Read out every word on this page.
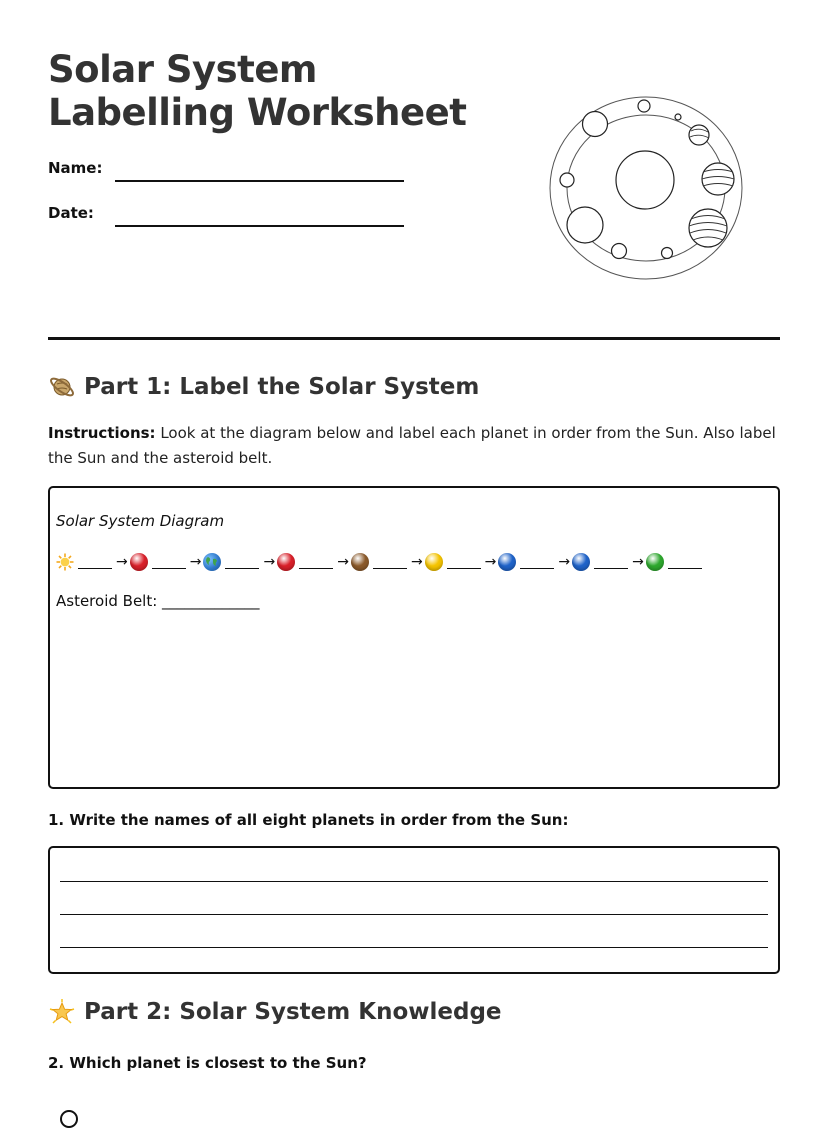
Solar System Labelling Worksheet
Name:
Date:
Part 1: Label the Solar System

Instructions: Look at the diagram below and label each planet in order from the Sun. Also label the Sun and the asteroid belt.

Solar System Diagram
→	→	→	→	→	→	→	→
Asteroid Belt: _____________

1. Write the names of all eight planets in order from the Sun:

Part 2: Solar System Knowledge

2. Which planet is closest to the Sun?
